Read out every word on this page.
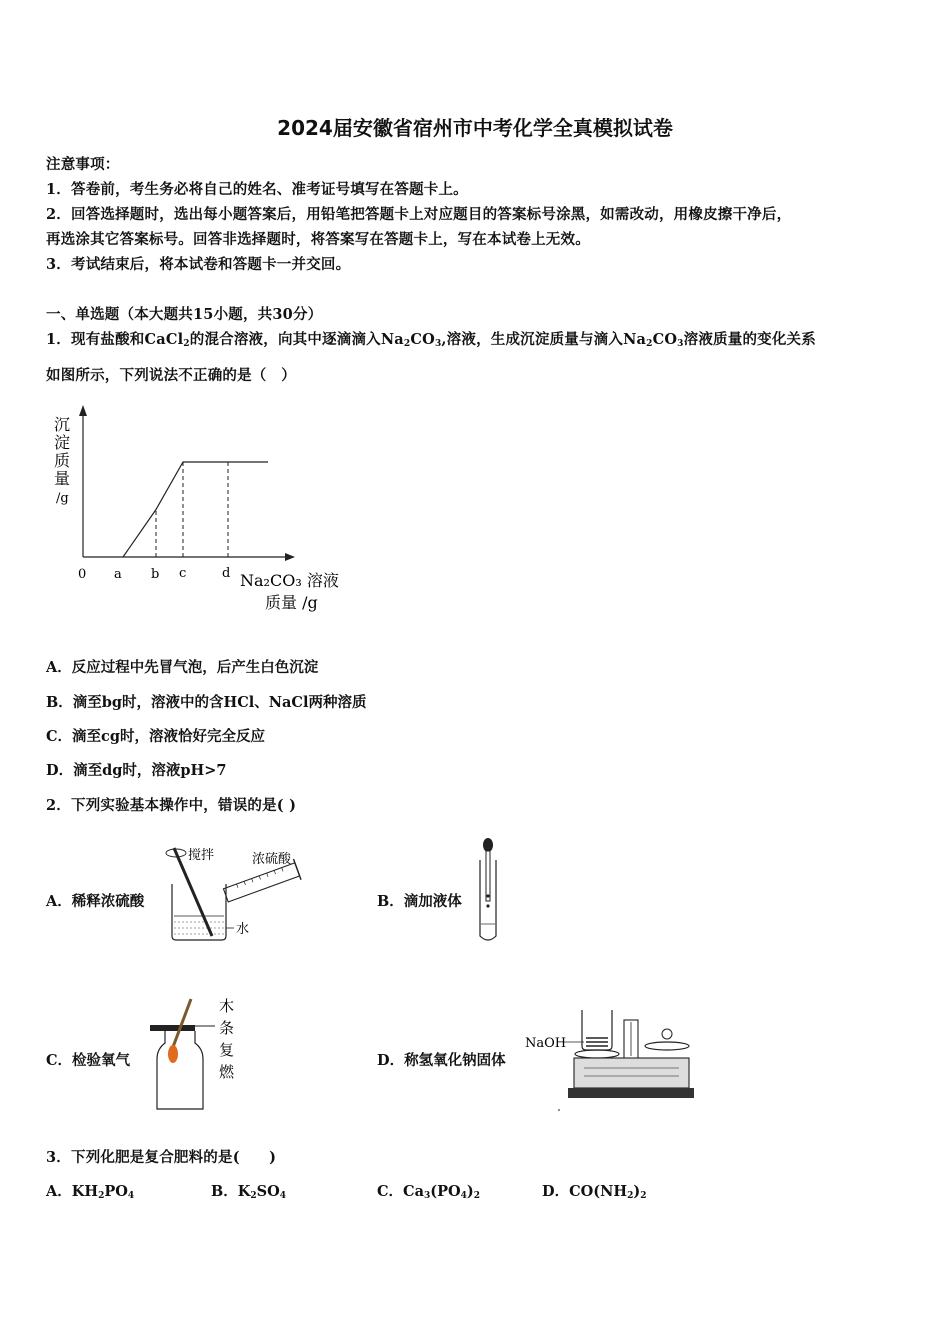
2024届安徽省宿州市中考化学全真模拟试卷
注意事项：
1．答卷前，考生务必将自己的姓名、准考证号填写在答题卡上。
2．回答选择题时，选出每小题答案后，用铅笔把答题卡上对应题目的答案标号涂黑，如需改动，用橡皮擦干净后，
再选涂其它答案标号。回答非选择题时，将答案写在答题卡上，写在本试卷上无效。
3．考试结束后，将本试卷和答题卡一并交回。
一、单选题（本大题共15小题，共30分）
1．现有盐酸和CaCl$_2$的混合溶液，向其中逐滴滴入$Na_2CO_3$,溶液，生成沉淀质量与滴入$Na_2CO_3$溶液质量的变化关系
如图所示，下列说法不正确的是（　）
沉
淀
质
量
/g
0 a b c	d Na₂CO₃ 溶液
质量 /g
A．反应过程中先冒气泡，后产生白色沉淀
B．滴至bg时，溶液中的含HCl、NaCl两种溶质
C．滴至cg时，溶液恰好完全反应
D．滴至dg时，溶液pH>7
2．下列实验基本操作中，错误的是( )
A．稀释浓硫酸	B．滴加液体
C．检验氧气	D．称氢氧化钠固体
搅拌	浓硫酸
水
木
条
复
燃
NaOH
3．下列化肥是复合肥料的是(　　)
A．$KH_2PO_4$	B．$K_2SO_4$	C．$Ca_3(PO_4)_2$	D．$CO(NH_2)_2$
